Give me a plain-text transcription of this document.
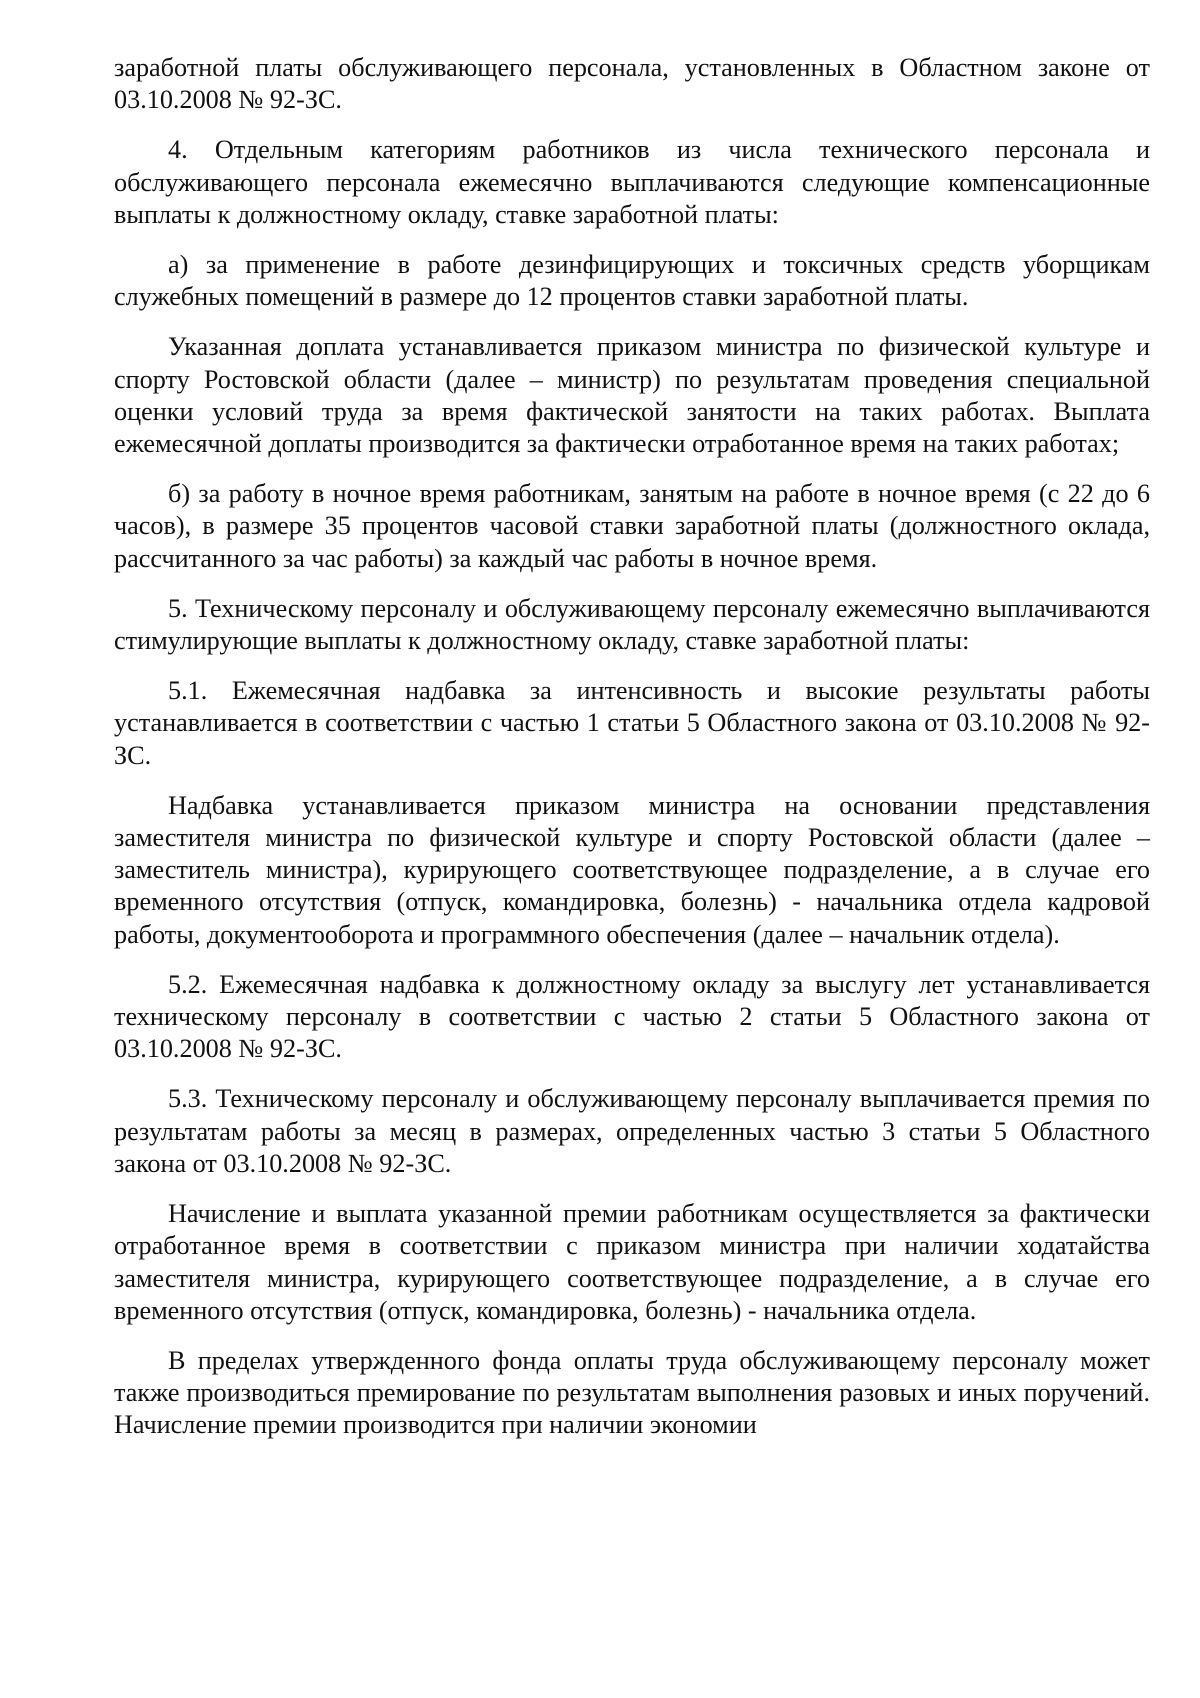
заработной платы обслуживающего персонала, установленных в Областном законе от 03.10.2008 № 92-ЗС.

4. Отдельным категориям работников из числа технического персонала и обслуживающего персонала ежемесячно выплачиваются следующие компенсационные выплаты к должностному окладу, ставке заработной платы:

а) за применение в работе дезинфицирующих и токсичных средств уборщикам служебных помещений в размере до 12 процентов ставки заработной платы.

Указанная доплата устанавливается приказом министра по физической культуре и спорту Ростовской области (далее – министр) по результатам проведения специальной оценки условий труда за время фактической занятости на таких работах. Выплата ежемесячной доплаты производится за фактически отработанное время на таких работах;

б) за работу в ночное время работникам, занятым на работе в ночное время (с 22 до 6 часов), в размере 35 процентов часовой ставки заработной платы (должностного оклада, рассчитанного за час работы) за каждый час работы в ночное время.

5. Техническому персоналу и обслуживающему персоналу ежемесячно выплачиваются стимулирующие выплаты к должностному окладу, ставке заработной платы:

5.1. Ежемесячная надбавка за интенсивность и высокие результаты работы устанавливается в соответствии с частью 1 статьи 5 Областного закона от 03.10.2008 № 92-ЗС.

Надбавка устанавливается приказом министра на основании представления заместителя министра по физической культуре и спорту Ростовской области (далее – заместитель министра), курирующего соответствующее подразделение, а в случае его временного отсутствия (отпуск, командировка, болезнь) - начальника отдела кадровой работы, документооборота и программного обеспечения (далее – начальник отдела).

5.2. Ежемесячная надбавка к должностному окладу за выслугу лет устанавливается техническому персоналу в соответствии с частью 2 статьи 5 Областного закона от 03.10.2008 № 92-ЗС.

5.3. Техническому персоналу и обслуживающему персоналу выплачивается премия по результатам работы за месяц в размерах, определенных частью 3 статьи 5 Областного закона от 03.10.2008 № 92-ЗС.

Начисление и выплата указанной премии работникам осуществляется за фактически отработанное время в соответствии с приказом министра при наличии ходатайства заместителя министра, курирующего соответствующее подразделение, а в случае его временного отсутствия (отпуск, командировка, болезнь) - начальника отдела.

В пределах утвержденного фонда оплаты труда обслуживающему персоналу может также производиться премирование по результатам выполнения разовых и иных поручений. Начисление премии производится при наличии экономии
